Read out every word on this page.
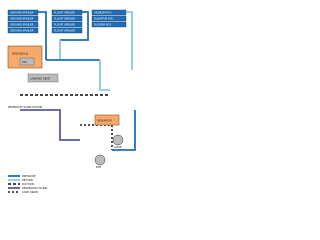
GROUND SPOILER
GROUND SPOILER
GROUND SPOILER
GROUND SPOILER
FLIGHT SPOILER
FLIGHT SPOILER
FLIGHT SPOILER
FLIGHT SPOILER
AILERON PCU
ELEVATOR PCU
RUDDER PCU
SYSTEM A
PTU
LANDING GEAR
RESERVOIR
ACMP
EDP
RESERVOIR FILLING STATION
PRESSURE
RETURN
SUCTION
RESERVOIR FILLING
CASE DRAIN
